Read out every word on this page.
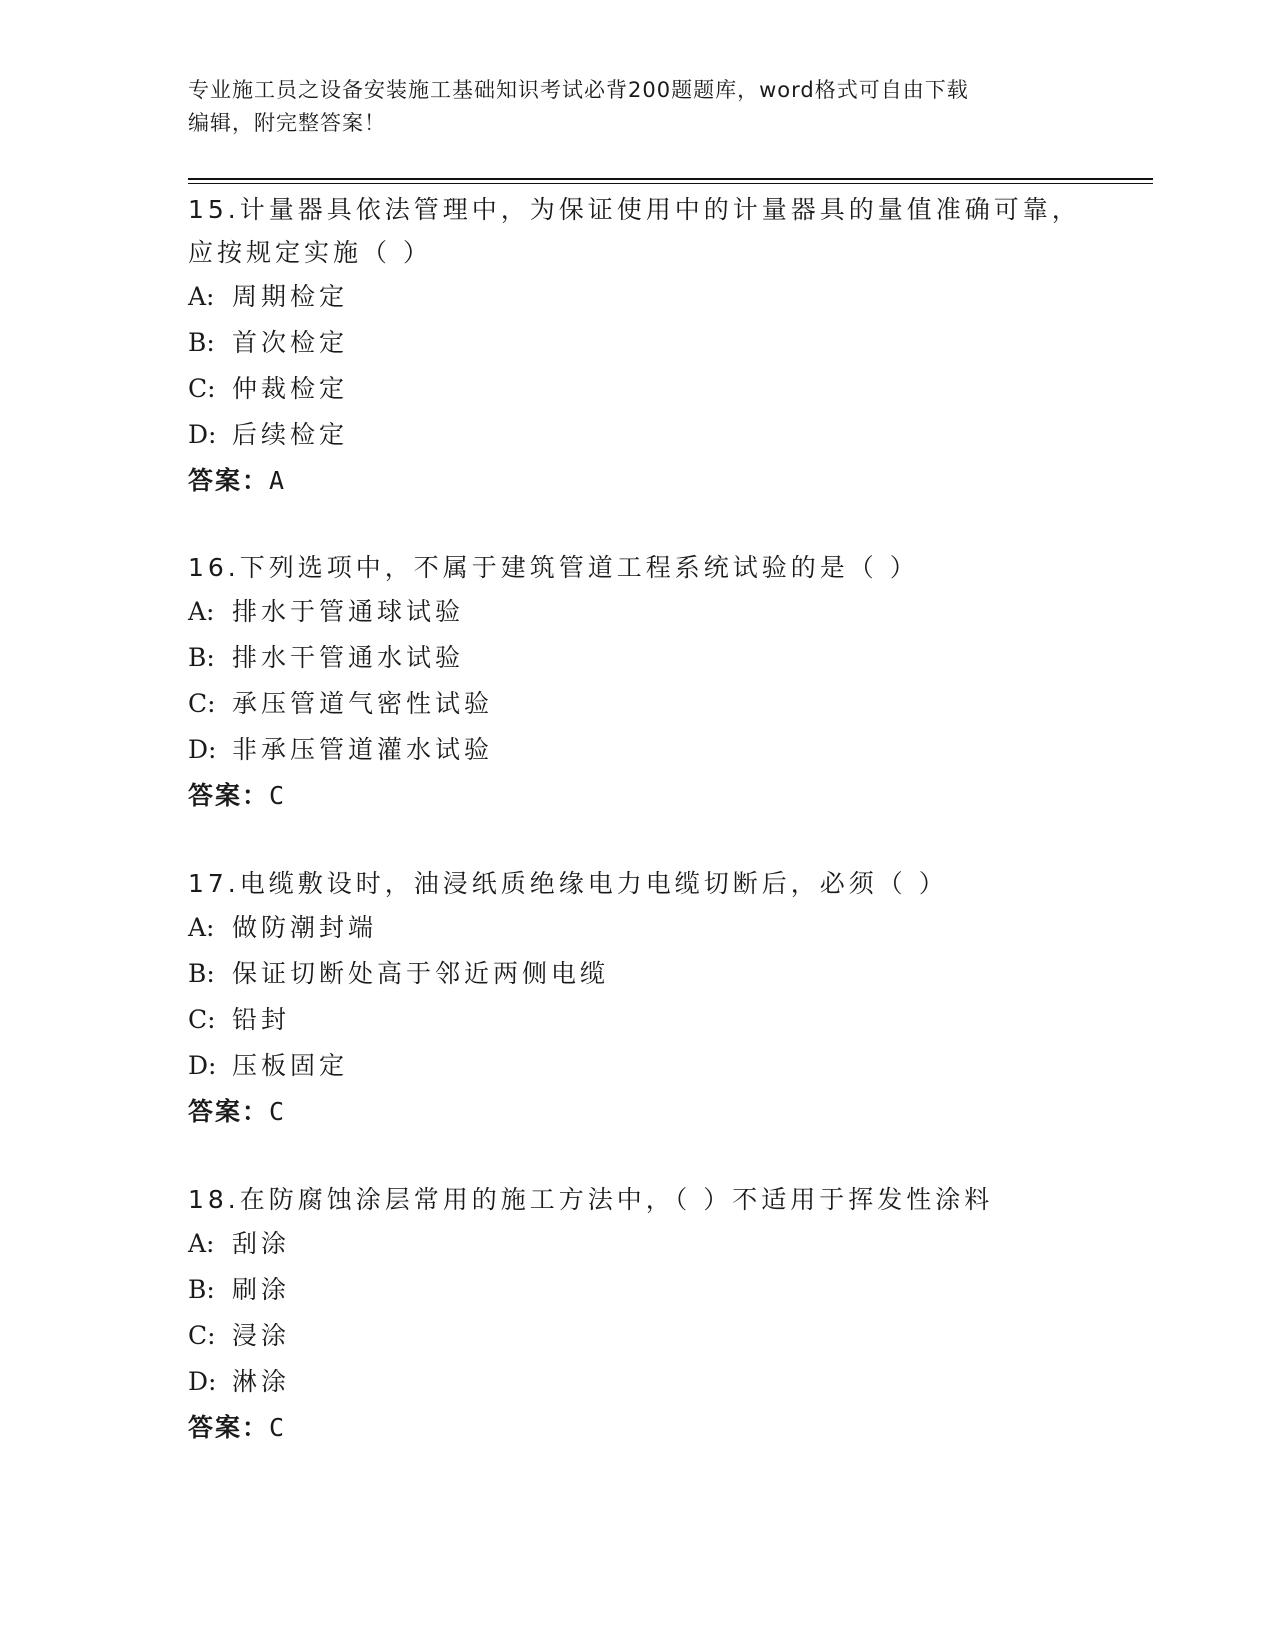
专业施工员之设备安装施工基础知识考试必背200题题库，word格式可自由下载
编辑，附完整答案！

15.计量器具依法管理中，为保证使用中的计量器具的量值准确可靠，
应按规定实施（ ）

A: 周期检定

B: 首次检定

C: 仲裁检定

D: 后续检定

答案：A

16.下列选项中，不属于建筑管道工程系统试验的是（ ）

A: 排水于管通球试验

B: 排水干管通水试验

C: 承压管道气密性试验

D: 非承压管道灌水试验

答案：C

17.电缆敷设时，油浸纸质绝缘电力电缆切断后，必须（ ）

A: 做防潮封端

B: 保证切断处高于邻近两侧电缆

C: 铅封

D: 压板固定

答案：C

18.在防腐蚀涂层常用的施工方法中，（ ）不适用于挥发性涂料

A: 刮涂

B: 刷涂

C: 浸涂

D: 淋涂

答案：C
